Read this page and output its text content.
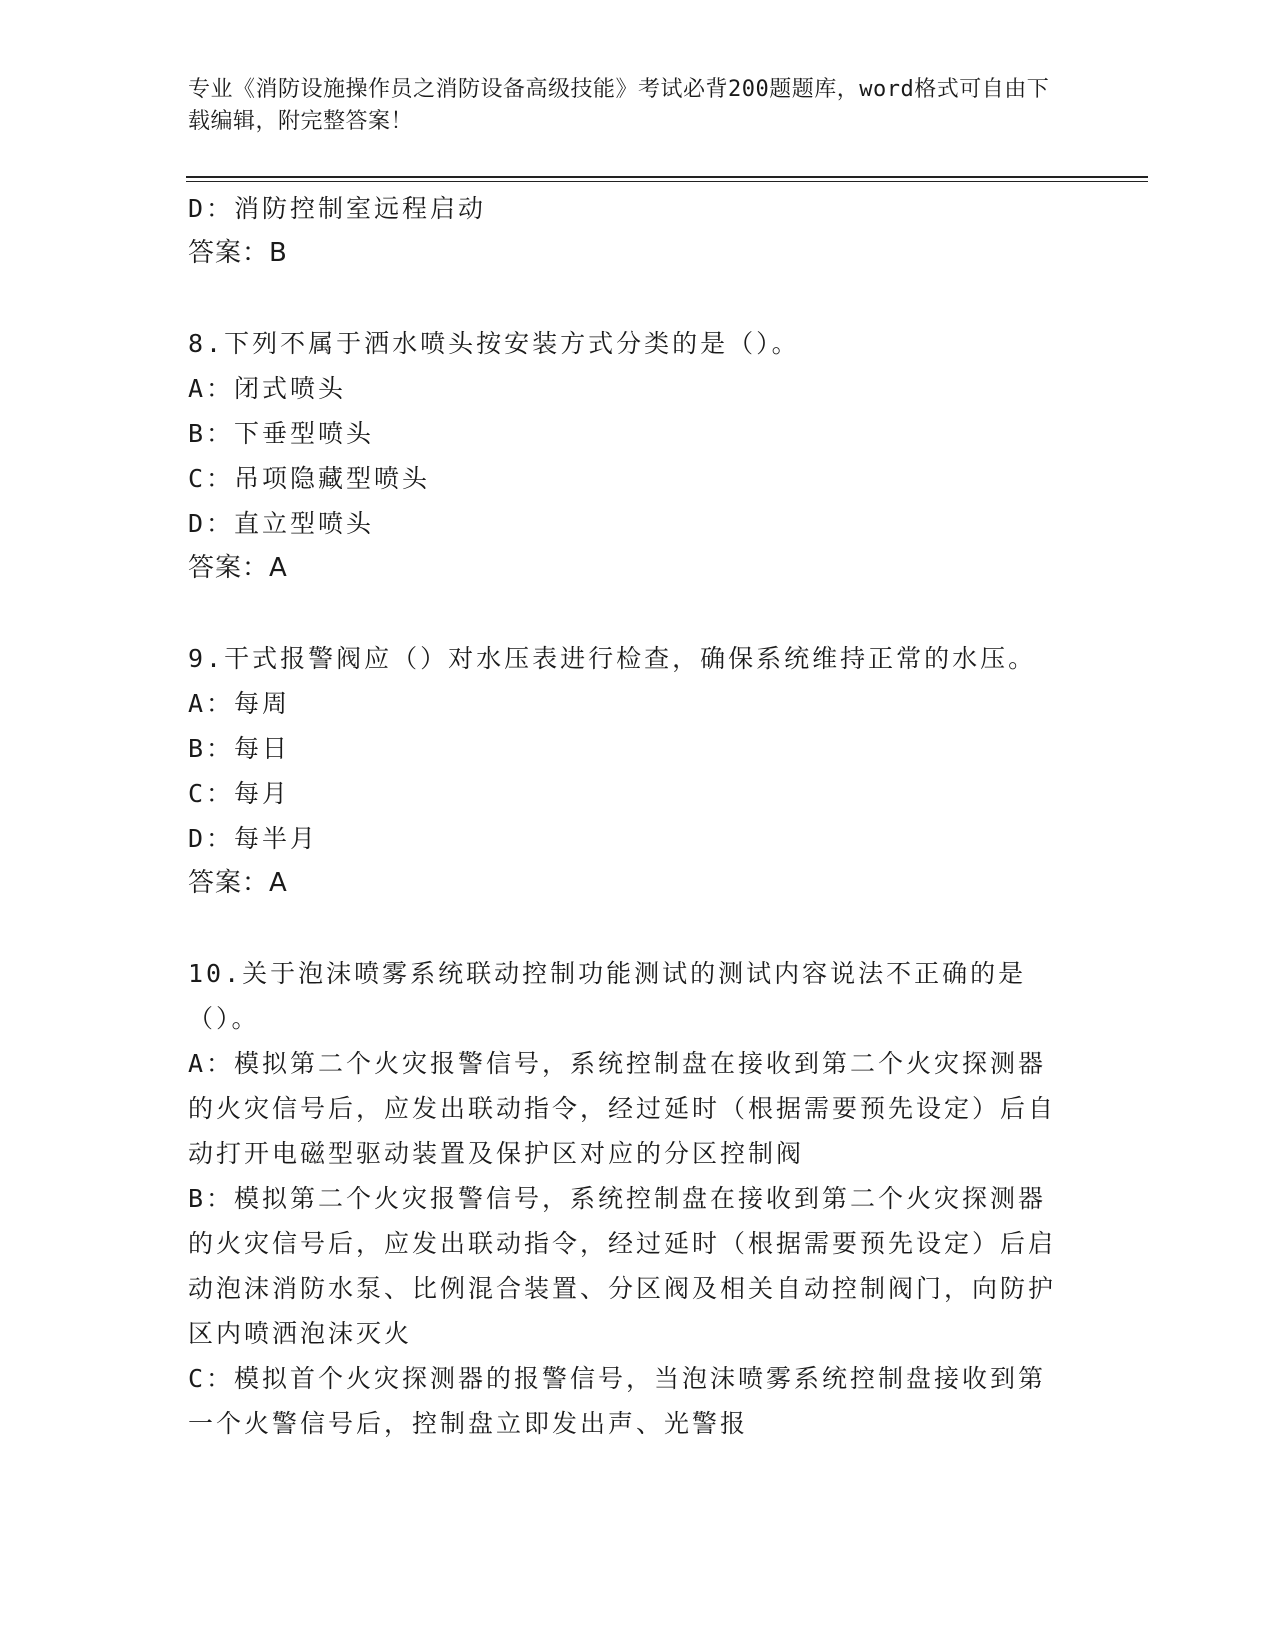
专业《消防设施操作员之消防设备高级技能》考试必背200题题库，word格式可自由下载编辑，附完整答案！

D：消防控制室远程启动

答案：B

8.下列不属于洒水喷头按安装方式分类的是（）。

A：闭式喷头

B：下垂型喷头

C：吊项隐藏型喷头

D：直立型喷头

答案：A

9.干式报警阀应（）对水压表进行检查，确保系统维持正常的水压。

A：每周

B：每日

C：每月

D：每半月

答案：A

10.关于泡沫喷雾系统联动控制功能测试的测试内容说法不正确的是（）。

A：模拟第二个火灾报警信号，系统控制盘在接收到第二个火灾探测器的火灾信号后，应发出联动指令，经过延时（根据需要预先设定）后自动打开电磁型驱动装置及保护区对应的分区控制阀

B：模拟第二个火灾报警信号，系统控制盘在接收到第二个火灾探测器的火灾信号后，应发出联动指令，经过延时（根据需要预先设定）后启动泡沫消防水泵、比例混合装置、分区阀及相关自动控制阀门，向防护区内喷洒泡沫灭火

C：模拟首个火灾探测器的报警信号，当泡沫喷雾系统控制盘接收到第一个火警信号后，控制盘立即发出声、光警报
